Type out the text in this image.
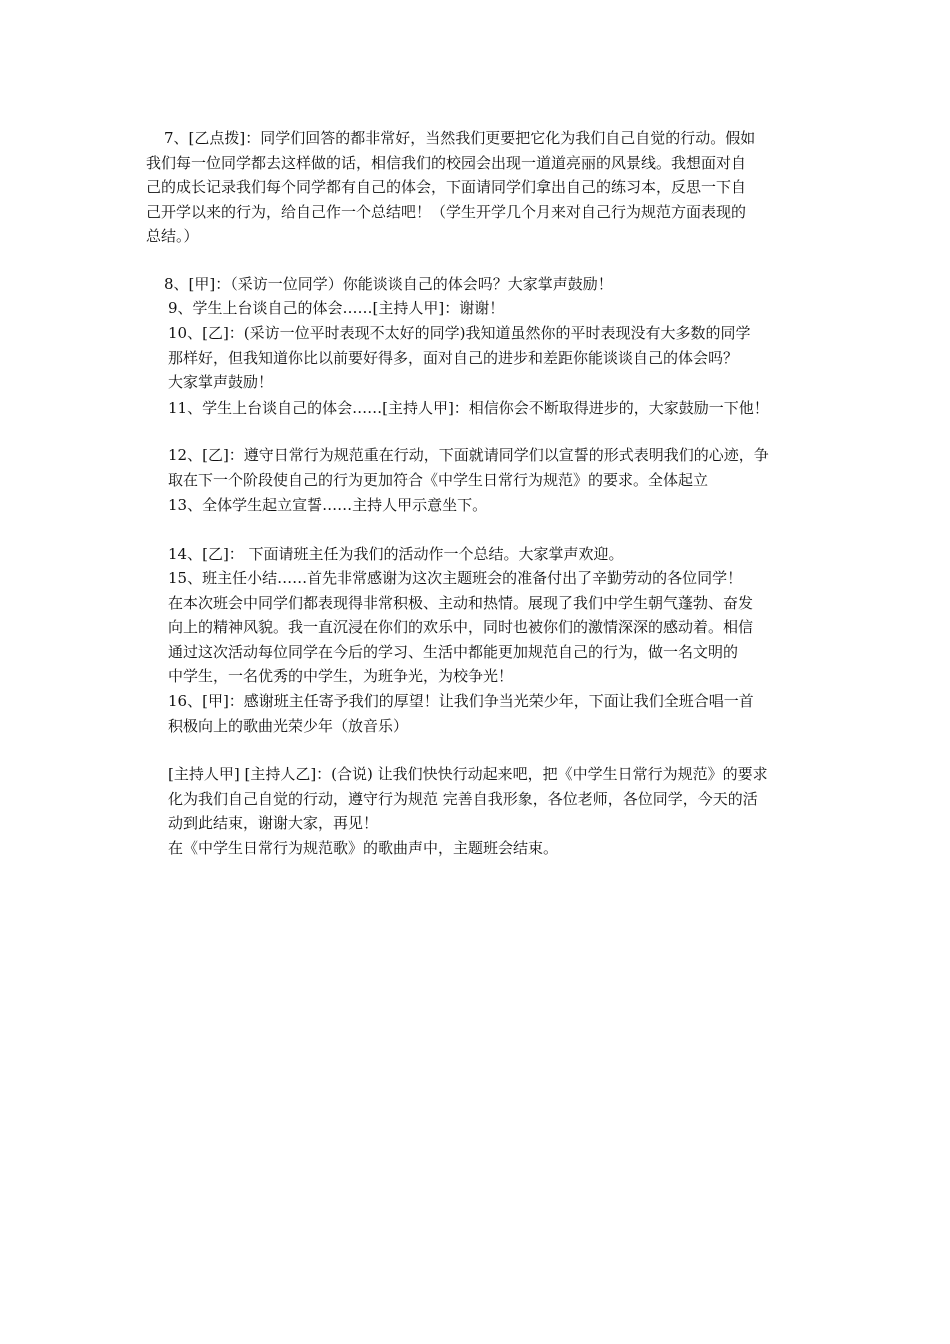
7、[乙点拨]：同学们回答的都非常好，当然我们更要把它化为我们自己自觉的行动。假如
我们每一位同学都去这样做的话，相信我们的校园会出现一道道亮丽的风景线。我想面对自
己的成长记录我们每个同学都有自己的体会，下面请同学们拿出自己的练习本，反思一下自
己开学以来的行为，给自己作一个总结吧！（学生开学几个月来对自己行为规范方面表现的
总结。）
8、[甲]：（采访一位同学）你能谈谈自己的体会吗？大家掌声鼓励！
9、学生上台谈自己的体会……[主持人甲]：谢谢！
10、[乙]：(采访一位平时表现不太好的同学)我知道虽然你的平时表现没有大多数的同学
那样好，但我知道你比以前要好得多，面对自己的进步和差距你能谈谈自己的体会吗？
大家掌声鼓励！
11、学生上台谈自己的体会……[主持人甲]：相信你会不断取得进步的，大家鼓励一下他！
12、[乙]：遵守日常行为规范重在行动，下面就请同学们以宣誓的形式表明我们的心迹，争
取在下一个阶段使自己的行为更加符合《中学生日常行为规范》的要求。全体起立
13、全体学生起立宣誓……主持人甲示意坐下。
14、[乙]： 下面请班主任为我们的活动作一个总结。大家掌声欢迎。
15、班主任小结……首先非常感谢为这次主题班会的准备付出了辛勤劳动的各位同学！
在本次班会中同学们都表现得非常积极、主动和热情。展现了我们中学生朝气蓬勃、奋发
向上的精神风貌。我一直沉浸在你们的欢乐中，同时也被你们的激情深深的感动着。相信
通过这次活动每位同学在今后的学习、生活中都能更加规范自己的行为，做一名文明的
中学生，一名优秀的中学生，为班争光，为校争光！
16、[甲]：感谢班主任寄予我们的厚望！让我们争当光荣少年，下面让我们全班合唱一首
积极向上的歌曲光荣少年（放音乐）
[主持人甲] [主持人乙]：(合说) 让我们快快行动起来吧，把《中学生日常行为规范》的要求
化为我们自己自觉的行动，遵守行为规范 完善自我形象，各位老师，各位同学，今天的活
动到此结束，谢谢大家，再见！
在《中学生日常行为规范歌》的歌曲声中，主题班会结束。
